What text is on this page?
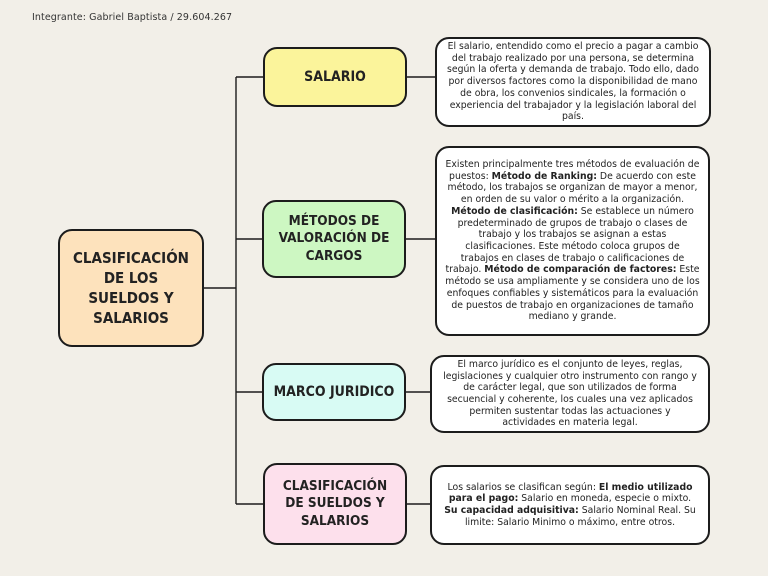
Integrante: Gabriel Baptista / 29.604.267
CLASIFICACIÓN DE LOS SUELDOS Y SALARIOS
SALARIO

El salario, entendido como el precio a pagar a cambio del trabajo realizado por una persona, se determina según la oferta y demanda de trabajo. Todo ello, dado por diversos factores como la disponibilidad de mano de obra, los convenios sindicales, la formación o experiencia del trabajador y la legislación laboral del país.

MÉTODOS DE VALORACIÓN DE CARGOS

Existen principalmente tres métodos de evaluación de puestos: Método de Ranking: De acuerdo con este método, los trabajos se organizan de mayor a menor, en orden de su valor o mérito a la organización. Método de clasificación: Se establece un número predeterminado de grupos de trabajo o clases de trabajo y los trabajos se asignan a estas clasificaciones. Este método coloca grupos de trabajos en clases de trabajo o calificaciones de trabajo. Método de comparación de factores: Este método se usa ampliamente y se considera uno de los enfoques confiables y sistemáticos para la evaluación de puestos de trabajo en organizaciones de tamaño mediano y grande.

MARCO JURIDICO

El marco jurídico es el conjunto de leyes, reglas, legislaciones y cualquier otro instrumento con rango y de carácter legal, que son utilizados de forma secuencial y coherente, los cuales una vez aplicados permiten sustentar todas las actuaciones y actividades en materia legal.

CLASIFICACIÓN DE SUELDOS Y SALARIOS

Los salarios se clasifican según: El medio utilizado para el pago: Salario en moneda, especie o mixto. Su capacidad adquisitiva: Salario Nominal Real. Su limite: Salario Minimo o máximo, entre otros.
